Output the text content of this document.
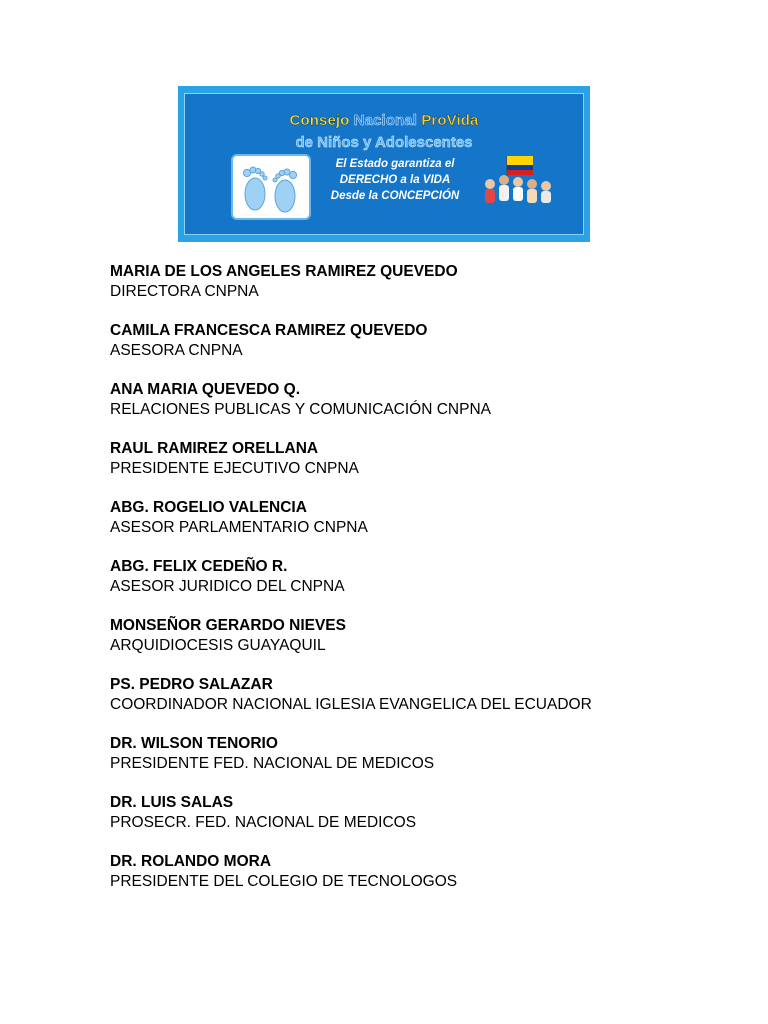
Consejo Nacional ProVida
de Niños y Adolescentes
El Estado garantiza el
DERECHO a la VIDA
Desde la CONCEPCIÓN
MARIA DE LOS ANGELES RAMIREZ QUEVEDO
DIRECTORA CNPNA
CAMILA FRANCESCA RAMIREZ QUEVEDO
ASESORA CNPNA
ANA MARIA QUEVEDO Q.
RELACIONES PUBLICAS Y COMUNICACIÓN CNPNA
RAUL RAMIREZ ORELLANA
PRESIDENTE EJECUTIVO CNPNA
ABG. ROGELIO VALENCIA
ASESOR PARLAMENTARIO CNPNA
ABG. FELIX CEDEÑO R.
ASESOR JURIDICO DEL CNPNA
MONSEÑOR GERARDO NIEVES
ARQUIDIOCESIS GUAYAQUIL
PS. PEDRO SALAZAR
COORDINADOR NACIONAL IGLESIA EVANGELICA DEL ECUADOR
DR. WILSON TENORIO
PRESIDENTE FED. NACIONAL DE MEDICOS
DR. LUIS SALAS
PROSECR. FED. NACIONAL DE MEDICOS
DR. ROLANDO MORA
PRESIDENTE DEL COLEGIO DE TECNOLOGOS
